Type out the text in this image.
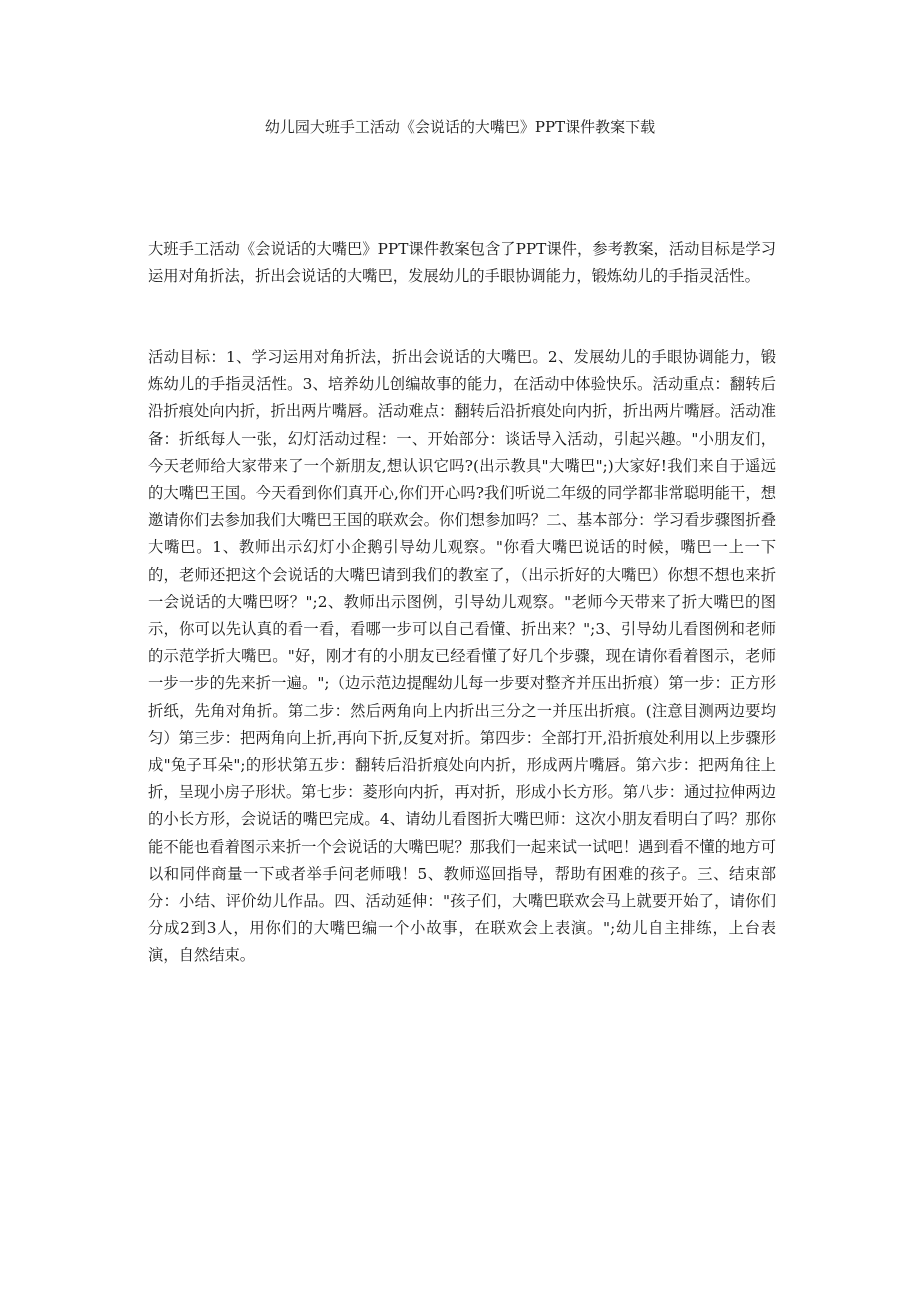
幼儿园大班手工活动《会说话的大嘴巴》PPT课件教案下载

大班手工活动《会说话的大嘴巴》PPT课件教案包含了PPT课件，参考教案，活动目标是学习运用对角折法，折出会说话的大嘴巴，发展幼儿的手眼协调能力，锻炼幼儿的手指灵活性。

活动目标：1、学习运用对角折法，折出会说话的大嘴巴。2、发展幼儿的手眼协调能力，锻炼幼儿的手指灵活性。3、培养幼儿创编故事的能力，在活动中体验快乐。活动重点：翻转后沿折痕处向内折，折出两片嘴唇。活动难点：翻转后沿折痕处向内折，折出两片嘴唇。活动准备：折纸每人一张，幻灯活动过程：一、开始部分：谈话导入活动，引起兴趣。"小朋友们，今天老师给大家带来了一个新朋友,想认识它吗?(出示教具"大嘴巴";)大家好!我们来自于遥远的大嘴巴王国。今天看到你们真开心,你们开心吗?我们听说二年级的同学都非常聪明能干，想邀请你们去参加我们大嘴巴王国的联欢会。你们想参加吗？二、基本部分：学习看步骤图折叠大嘴巴。1、教师出示幻灯小企鹅引导幼儿观察。"你看大嘴巴说话的时候，嘴巴一上一下的，老师还把这个会说话的大嘴巴请到我们的教室了，（出示折好的大嘴巴）你想不想也来折一会说话的大嘴巴呀？";2、教师出示图例，引导幼儿观察。"老师今天带来了折大嘴巴的图示，你可以先认真的看一看，看哪一步可以自己看懂、折出来？";3、引导幼儿看图例和老师的示范学折大嘴巴。"好，刚才有的小朋友已经看懂了好几个步骤，现在请你看着图示，老师一步一步的先来折一遍。";（边示范边提醒幼儿每一步要对整齐并压出折痕）第一步：正方形折纸，先角对角折。第二步：然后两角向上内折出三分之一并压出折痕。(注意目测两边要均匀）第三步：把两角向上折,再向下折,反复对折。第四步：全部打开,沿折痕处利用以上步骤形成"兔子耳朵";的形状第五步：翻转后沿折痕处向内折，形成两片嘴唇。第六步：把两角往上折，呈现小房子形状。第七步：菱形向内折，再对折，形成小长方形。第八步：通过拉伸两边的小长方形，会说话的嘴巴完成。4、请幼儿看图折大嘴巴师：这次小朋友看明白了吗？那你能不能也看着图示来折一个会说话的大嘴巴呢？那我们一起来试一试吧！遇到看不懂的地方可以和同伴商量一下或者举手问老师哦！5、教师巡回指导，帮助有困难的孩子。三、结束部分：小结、评价幼儿作品。四、活动延伸："孩子们，大嘴巴联欢会马上就要开始了，请你们分成2到3人，用你们的大嘴巴编一个小故事，在联欢会上表演。";幼儿自主排练，上台表演，自然结束。
